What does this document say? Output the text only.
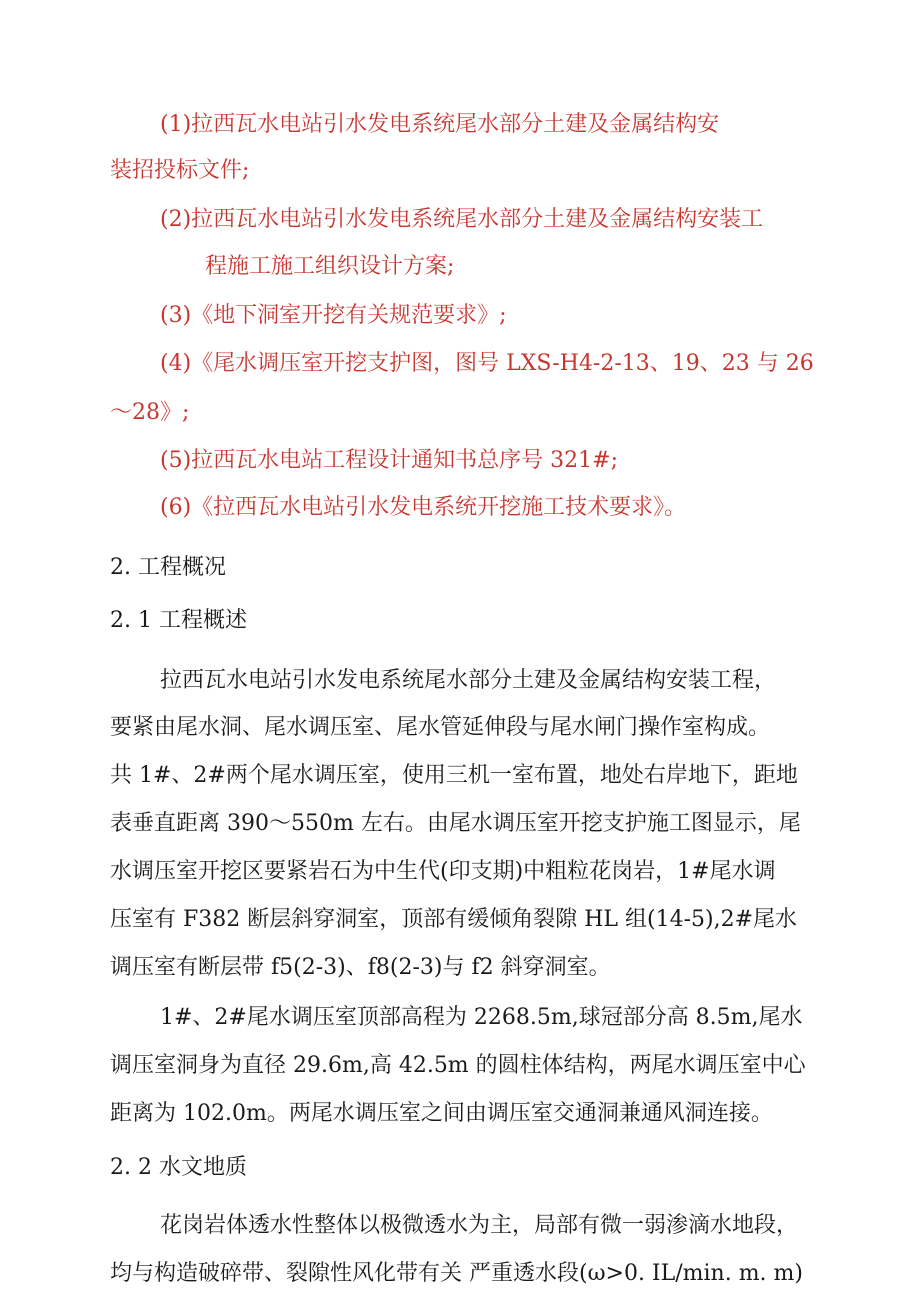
(1)拉西瓦水电站引水发电系统尾水部分土建及金属结构安
装招投标文件;
(2)拉西瓦水电站引水发电系统尾水部分土建及金属结构安装工
程施工施工组织设计方案;
(3)《地下洞室开挖有关规范要求》;
(4)《尾水调压室开挖支护图，图号 LXS-H4-2-13、19、23 与 26
～28》;
(5)拉西瓦水电站工程设计通知书总序号 321#;
(6)《拉西瓦水电站引水发电系统开挖施工技术要求》。
2. 工程概况
2. 1 工程概述
拉西瓦水电站引水发电系统尾水部分土建及金属结构安装工程，
要紧由尾水洞、尾水调压室、尾水管延伸段与尾水闸门操作室构成。
共 1#、2#两个尾水调压室，使用三机一室布置，地处右岸地下，距地
表垂直距离 390～550m 左右。由尾水调压室开挖支护施工图显示，尾
水调压室开挖区要紧岩石为中生代(印支期)中粗粒花岗岩，1#尾水调
压室有 F382 断层斜穿洞室，顶部有缓倾角裂隙 HL 组(14-5),2#尾水
调压室有断层带 f5(2-3)、f8(2-3)与 f2 斜穿洞室。
1#、2#尾水调压室顶部高程为 2268.5m,球冠部分高 8.5m,尾水
调压室洞身为直径 29.6m,高 42.5m 的圆柱体结构，两尾水调压室中心
距离为 102.0m。两尾水调压室之间由调压室交通洞兼通风洞连接。
2. 2 水文地质
花岗岩体透水性整体以极微透水为主，局部有微一弱渗滴水地段，
均与构造破碎带、裂隙性风化带有关 严重透水段(ω>0. IL/min. m. m)
